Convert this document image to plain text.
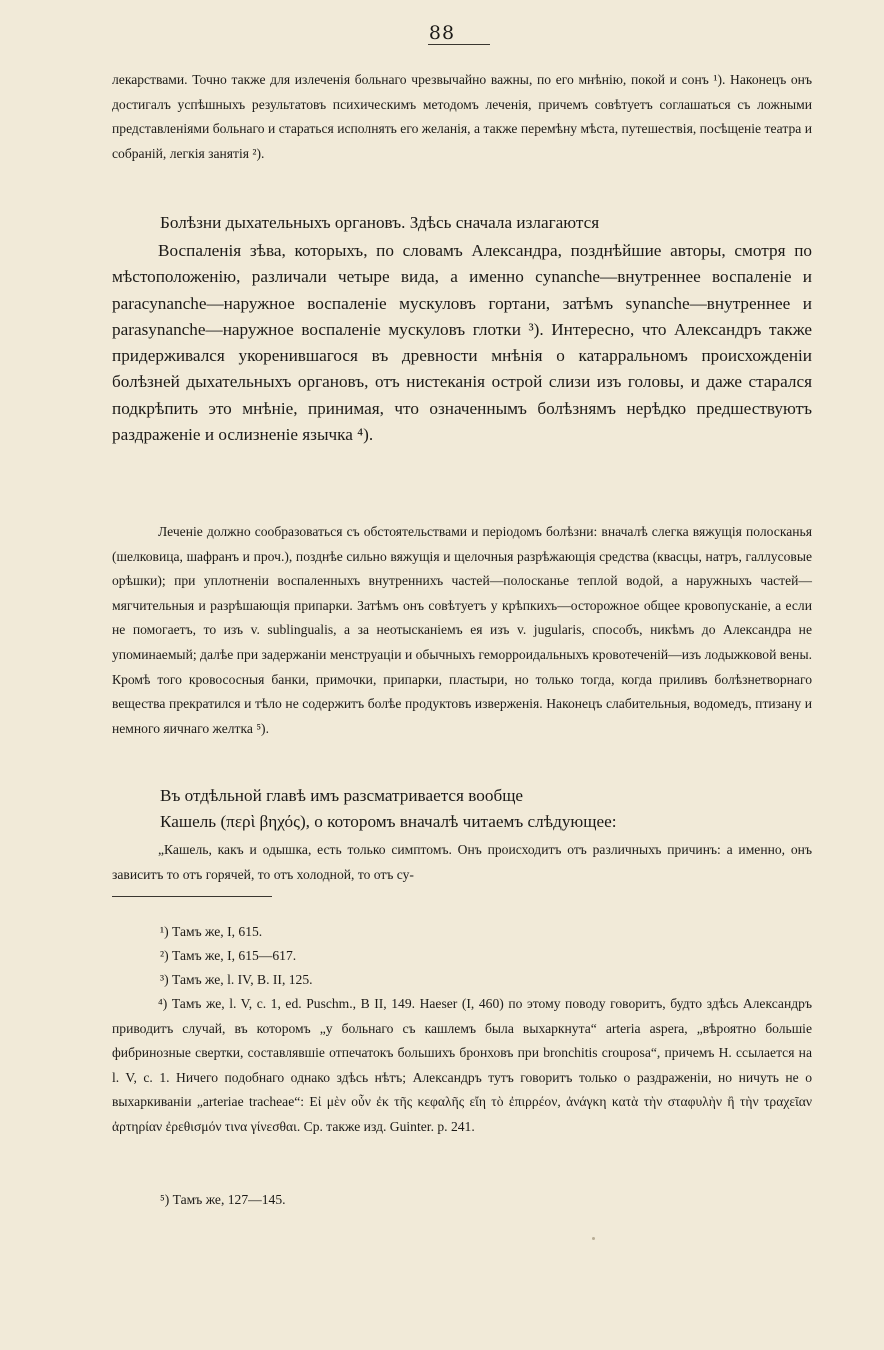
88
лекарствами. Точно также для излеченія больнаго чрезвычайно важны, по его мнѣнію, покой и сонъ ¹). Наконецъ онъ достигалъ успѣшныхъ результатовъ психическимъ методомъ леченія, причемъ совѣтуетъ соглашаться съ ложными представленіями больнаго и стараться исполнять его желанія, а также перемѣну мѣста, путешествія, посѣщеніе театра и собраній, легкія занятія ²).
Болѣзни дыхательныхъ органовъ. Здѣсь сначала излагаются
Воспаленія зѣва, которыхъ, по словамъ Александра, позднѣйшие авторы, смотря по мѣстоположенію, различали четыре вида, а именно cynanche—внутреннее воспаленіе и paracynanche—наружное воспаленіе мускуловъ гортани, затѣмъ synanche—внутреннее и parasynanche—наружное воспаленіе мускуловъ глотки ³). Интересно, что Александръ также придерживался укоренившагося въ древности мнѣнія о катарральномъ происхожденіи болѣзней дыхательныхъ органовъ, отъ нистеканія острой слизи изъ головы, и даже старался подкрѣпить это мнѣніе, принимая, что означеннымъ болѣзнямъ нерѣдко предшествуютъ раздраженіе и ослизненіе язычка ⁴).
Леченіе должно сообразоваться съ обстоятельствами и періодомъ болѣзни: вначалѣ слегка вяжущія полосканья (шелковица, шафранъ и проч.), позднѣе сильно вяжущія и щелочныя разрѣжающія средства (квасцы, натръ, галлусовые орѣшки); при уплотненіи воспаленныхъ внутреннихъ частей—полосканье теплой водой, а наружныхъ частей—мягчительныя и разрѣшающія припарки. Затѣмъ онъ совѣтуетъ у крѣпкихъ—осторожное общее кровопусканіе, а если не помогаетъ, то изъ v. sublingualis, а за неотысканіемъ ея изъ v. jugularis, способъ, никѣмъ до Александра не упоминаемый; далѣе при задержаніи менструаціи и обычныхъ геморроидальныхъ кровотеченій—изъ лодыжковой вены. Кромѣ того кровососныя банки, примочки, припарки, пластыри, но только тогда, когда приливъ болѣзнетворнаго вещества прекратился и тѣло не содержитъ болѣе продуктовъ изверженія. Наконецъ слабительныя, водомедъ, птизану и немного яичнаго желтка ⁵).
Въ отдѣльной главѣ имъ разсматривается вообще
Кашель (περὶ βηχός), о которомъ вначалѣ читаемъ слѣдующее:
„Кашель, какъ и одышка, есть только симптомъ. Онъ происходитъ отъ различныхъ причинъ: а именно, онъ зависитъ то отъ горячей, то отъ холодной, то отъ су-
¹) Тамъ же, I, 615.
²) Тамъ же, I, 615—617.
³) Тамъ же, l. IV, B. II, 125.
⁴) Тамъ же, l. V, c. 1, ed. Puschm., B II, 149. Haeser (I, 460) по этому поводу говоритъ, будто здѣсь Александръ приводитъ случай, въ которомъ „у больнаго съ кашлемъ была выхаркнута“ arteria aspera, „вѣроятно большіе фибринозные свертки, составлявшіе отпечатокъ большихъ бронховъ при bronchitis crouposa“, причемъ H. ссылается на l. V, c. 1. Ничего подобнаго однако здѣсь нѣтъ; Александръ тутъ говоритъ только о раздраженіи, но ничуть не о выхаркиваніи „arteriae tracheae“: Εἰ μὲν οὖν ἐκ τῆς κεφαλῆς εἴη τὸ ἐπιρρέον, ἀνάγκη κατὰ τὴν σταφυλὴν ἢ τὴν τραχεῖαν ἀρτηρίαν ἐρεθισμόν τινα γίνεσθαι. Cp. также изд. Guinter. p. 241.
⁵) Тамъ же, 127—145.
